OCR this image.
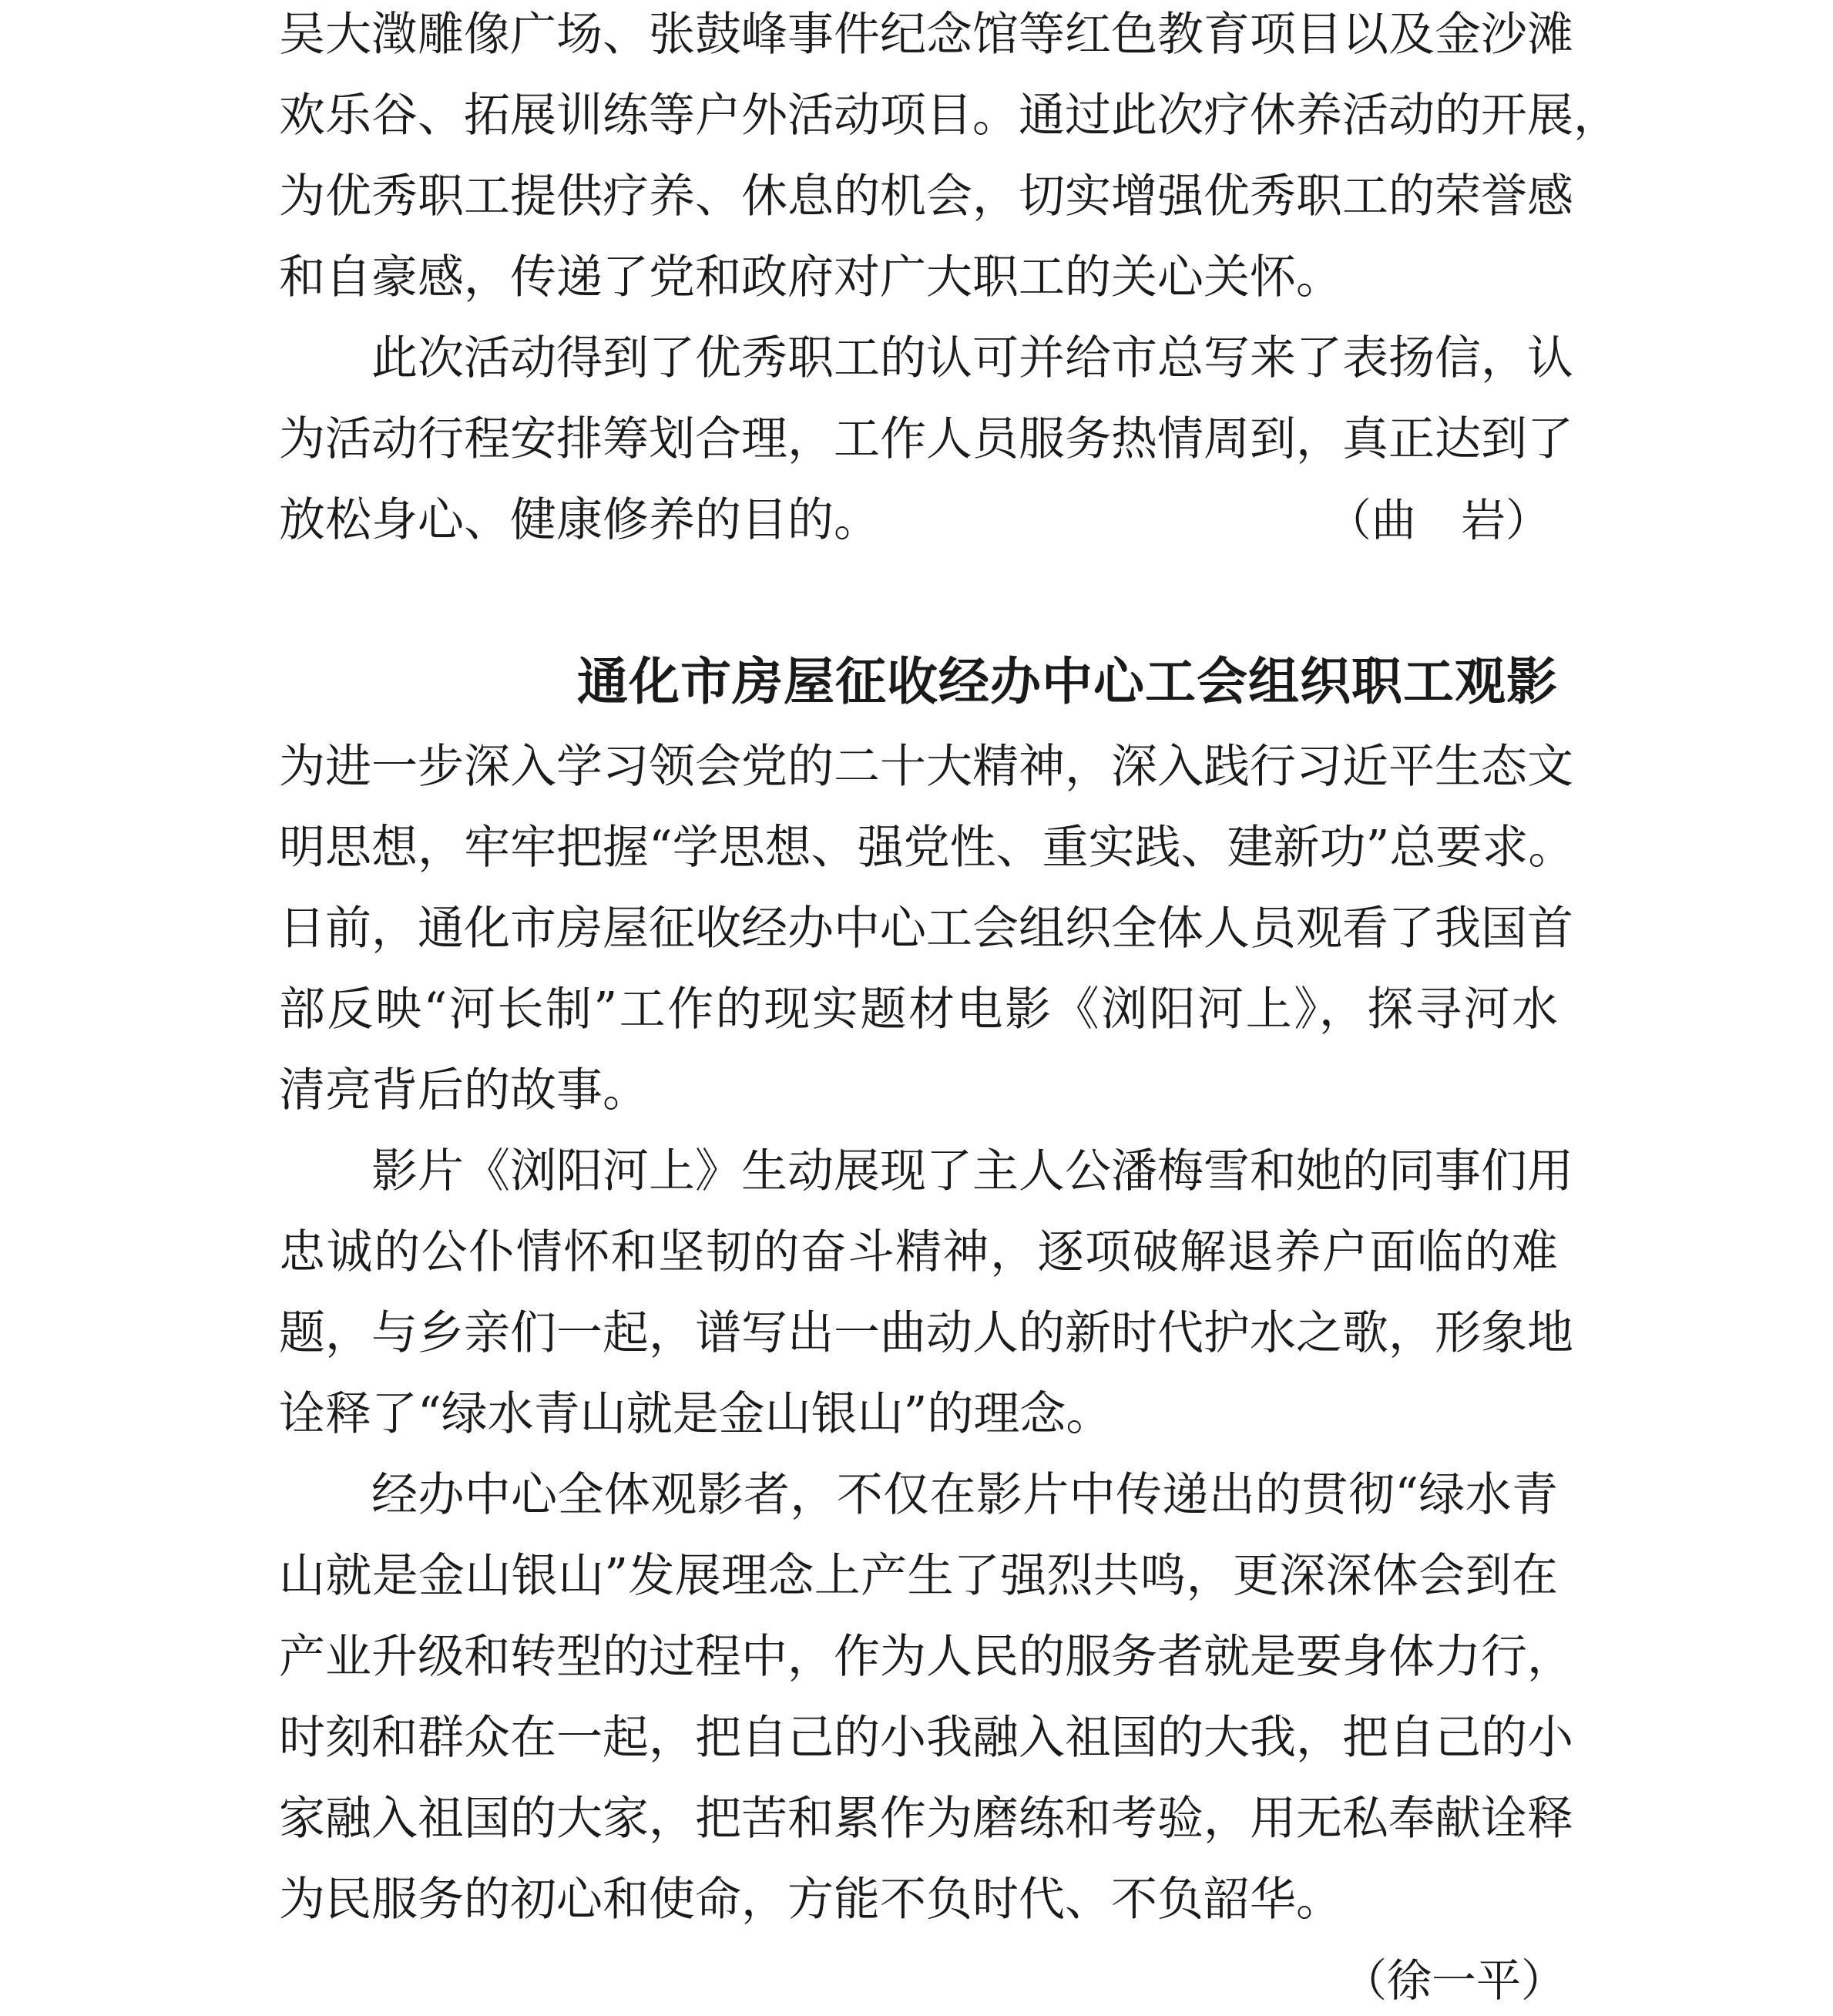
吴大澂雕像广场、张鼓峰事件纪念馆等红色教育项目以及金沙滩
欢乐谷、拓展训练等户外活动项目。通过此次疗休养活动的开展，
为优秀职工提供疗养、休息的机会，切实增强优秀职工的荣誉感
和自豪感，传递了党和政府对广大职工的关心关怀。
此次活动得到了优秀职工的认可并给市总写来了表扬信，认
为活动行程安排筹划合理，工作人员服务热情周到，真正达到了
放松身心、健康修养的目的。	（曲　岩）
通化市房屋征收经办中心工会组织职工观影
为进一步深入学习领会党的二十大精神，深入践行习近平生态文
明思想，牢牢把握“学思想、强党性、重实践、建新功”总要求。
日前，通化市房屋征收经办中心工会组织全体人员观看了我国首
部反映“河长制”工作的现实题材电影《浏阳河上》，探寻河水
清亮背后的故事。
影片《浏阳河上》生动展现了主人公潘梅雪和她的同事们用
忠诚的公仆情怀和坚韧的奋斗精神，逐项破解退养户面临的难
题，与乡亲们一起，谱写出一曲动人的新时代护水之歌，形象地
诠释了“绿水青山就是金山银山”的理念。
经办中心全体观影者，不仅在影片中传递出的贯彻“绿水青
山就是金山银山”发展理念上产生了强烈共鸣，更深深体会到在
产业升级和转型的过程中，作为人民的服务者就是要身体力行，
时刻和群众在一起，把自己的小我融入祖国的大我，把自己的小
家融入祖国的大家，把苦和累作为磨练和考验，用无私奉献诠释
为民服务的初心和使命，方能不负时代、不负韶华。
（徐一平）
